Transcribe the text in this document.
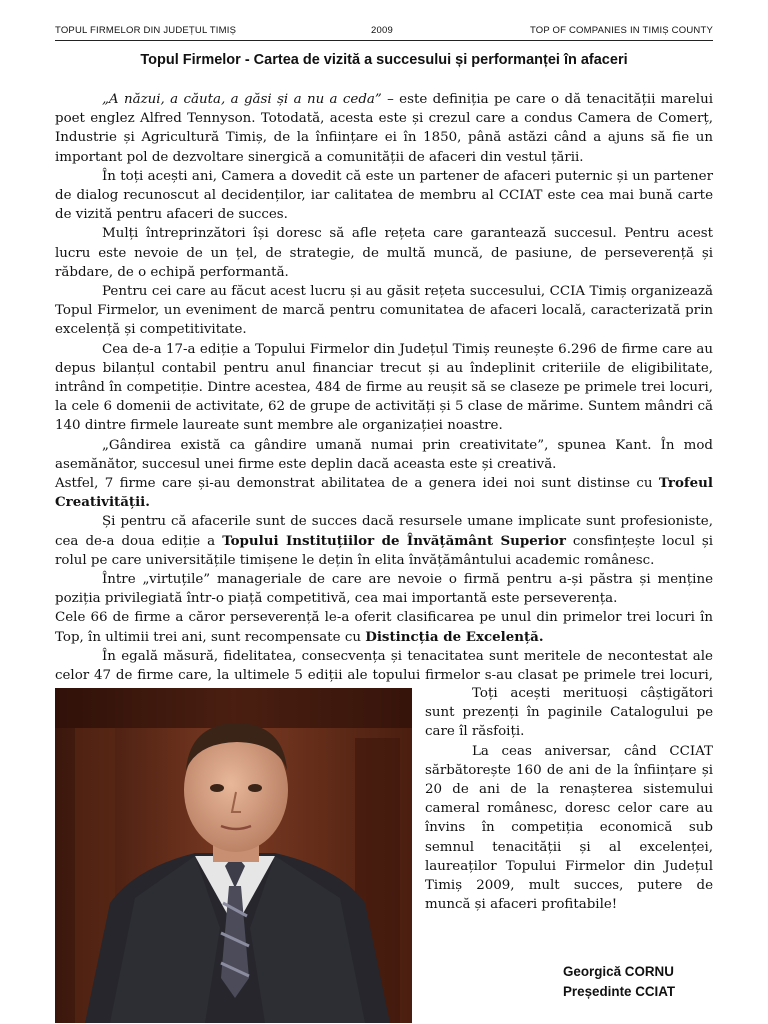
TOPUL FIRMELOR DIN JUDEȚUL TIMIȘ	2009	TOP OF COMPANIES IN TIMIȘ COUNTY
Topul Firmelor - Cartea de vizită a succesului și performanței în afaceri

„A năzui, a căuta, a găsi și a nu a ceda” – este definiția pe care o dă tenacității marelui poet englez Alfred Tennyson. Totodată, acesta este și crezul care a condus Camera de Comerț, Industrie și Agricultură Timiș, de la înființare ei în 1850, până astăzi când a ajuns să fie un important pol de dezvoltare sinergică a comunității de afaceri din vestul țării.

În toți acești ani, Camera a dovedit că este un partener de afaceri puternic și un partener de dialog recunoscut al decidenților, iar calitatea de membru al CCIAT este cea mai bună carte de vizită pentru afaceri de succes.

Mulți întreprinzători își doresc să afle rețeta care garantează succesul. Pentru acest lucru este nevoie de un țel, de strategie, de multă muncă, de pasiune, de perseverență și răbdare, de o echipă performantă.

Pentru cei care au făcut acest lucru și au găsit rețeta succesului, CCIA Timiș organizează Topul Firmelor, un eveniment de marcă pentru comunitatea de afaceri locală, caracterizată prin excelență și competitivitate.

Cea de-a 17-a ediție a Topului Firmelor din Județul Timiș reunește 6.296 de firme care au depus bilanțul contabil pentru anul financiar trecut și au îndeplinit criteriile de eligibilitate, intrând în competiție. Dintre acestea, 484 de firme au reușit să se claseze pe primele trei locuri, la cele 6 domenii de activitate, 62 de grupe de activități și 5 clase de mărime. Suntem mândri că 140 dintre firmele laureate sunt membre ale organizației noastre.

„Gândirea există ca gândire umană numai prin creativitate”, spunea Kant. În mod asemănător, succesul unei firme este deplin dacă aceasta este și creativă.

Astfel, 7 firme care și-au demonstrat abilitatea de a genera idei noi sunt distinse cu Trofeul Creativității.

Și pentru că afacerile sunt de succes dacă resursele umane implicate sunt profesioniste, cea de-a doua ediție a Topului Instituțiilor de Învățământ Superior consfințește locul și rolul pe care universitățile timișene le dețin în elita învățământului academic românesc.

Între „virtuțile” manageriale de care are nevoie o firmă pentru a-și păstra și menține poziția privilegiată într-o piață competitivă, cea mai importantă este perseverența.

Cele 66 de firme a căror perseverență le-a oferit clasificarea pe unul din primelor trei locuri în Top, în ultimii trei ani, sunt recompensate cu Distincția de Excelență.

În egală măsură, fidelitatea, consecvența și tenacitatea sunt meritele de necontestat ale celor 47 de firme care, la ultimele 5 ediții ale topului firmelor s-au clasat pe primele trei locuri,

Toți acești merituoși câștigători sunt prezenți în paginile Catalogului pe care îl răsfoiți.

La ceas aniversar, când CCIAT sărbătorește 160 de ani de la înființare și 20 de ani de la renașterea sistemului cameral românesc, doresc celor care au învins în competiția economică sub semnul tenacității și al excelenței, laureaților Topului Firmelor din Județul Timiș 2009, mult succes, putere de muncă și afaceri profitabile!

Georgică CORNU
Președinte CCIAT
